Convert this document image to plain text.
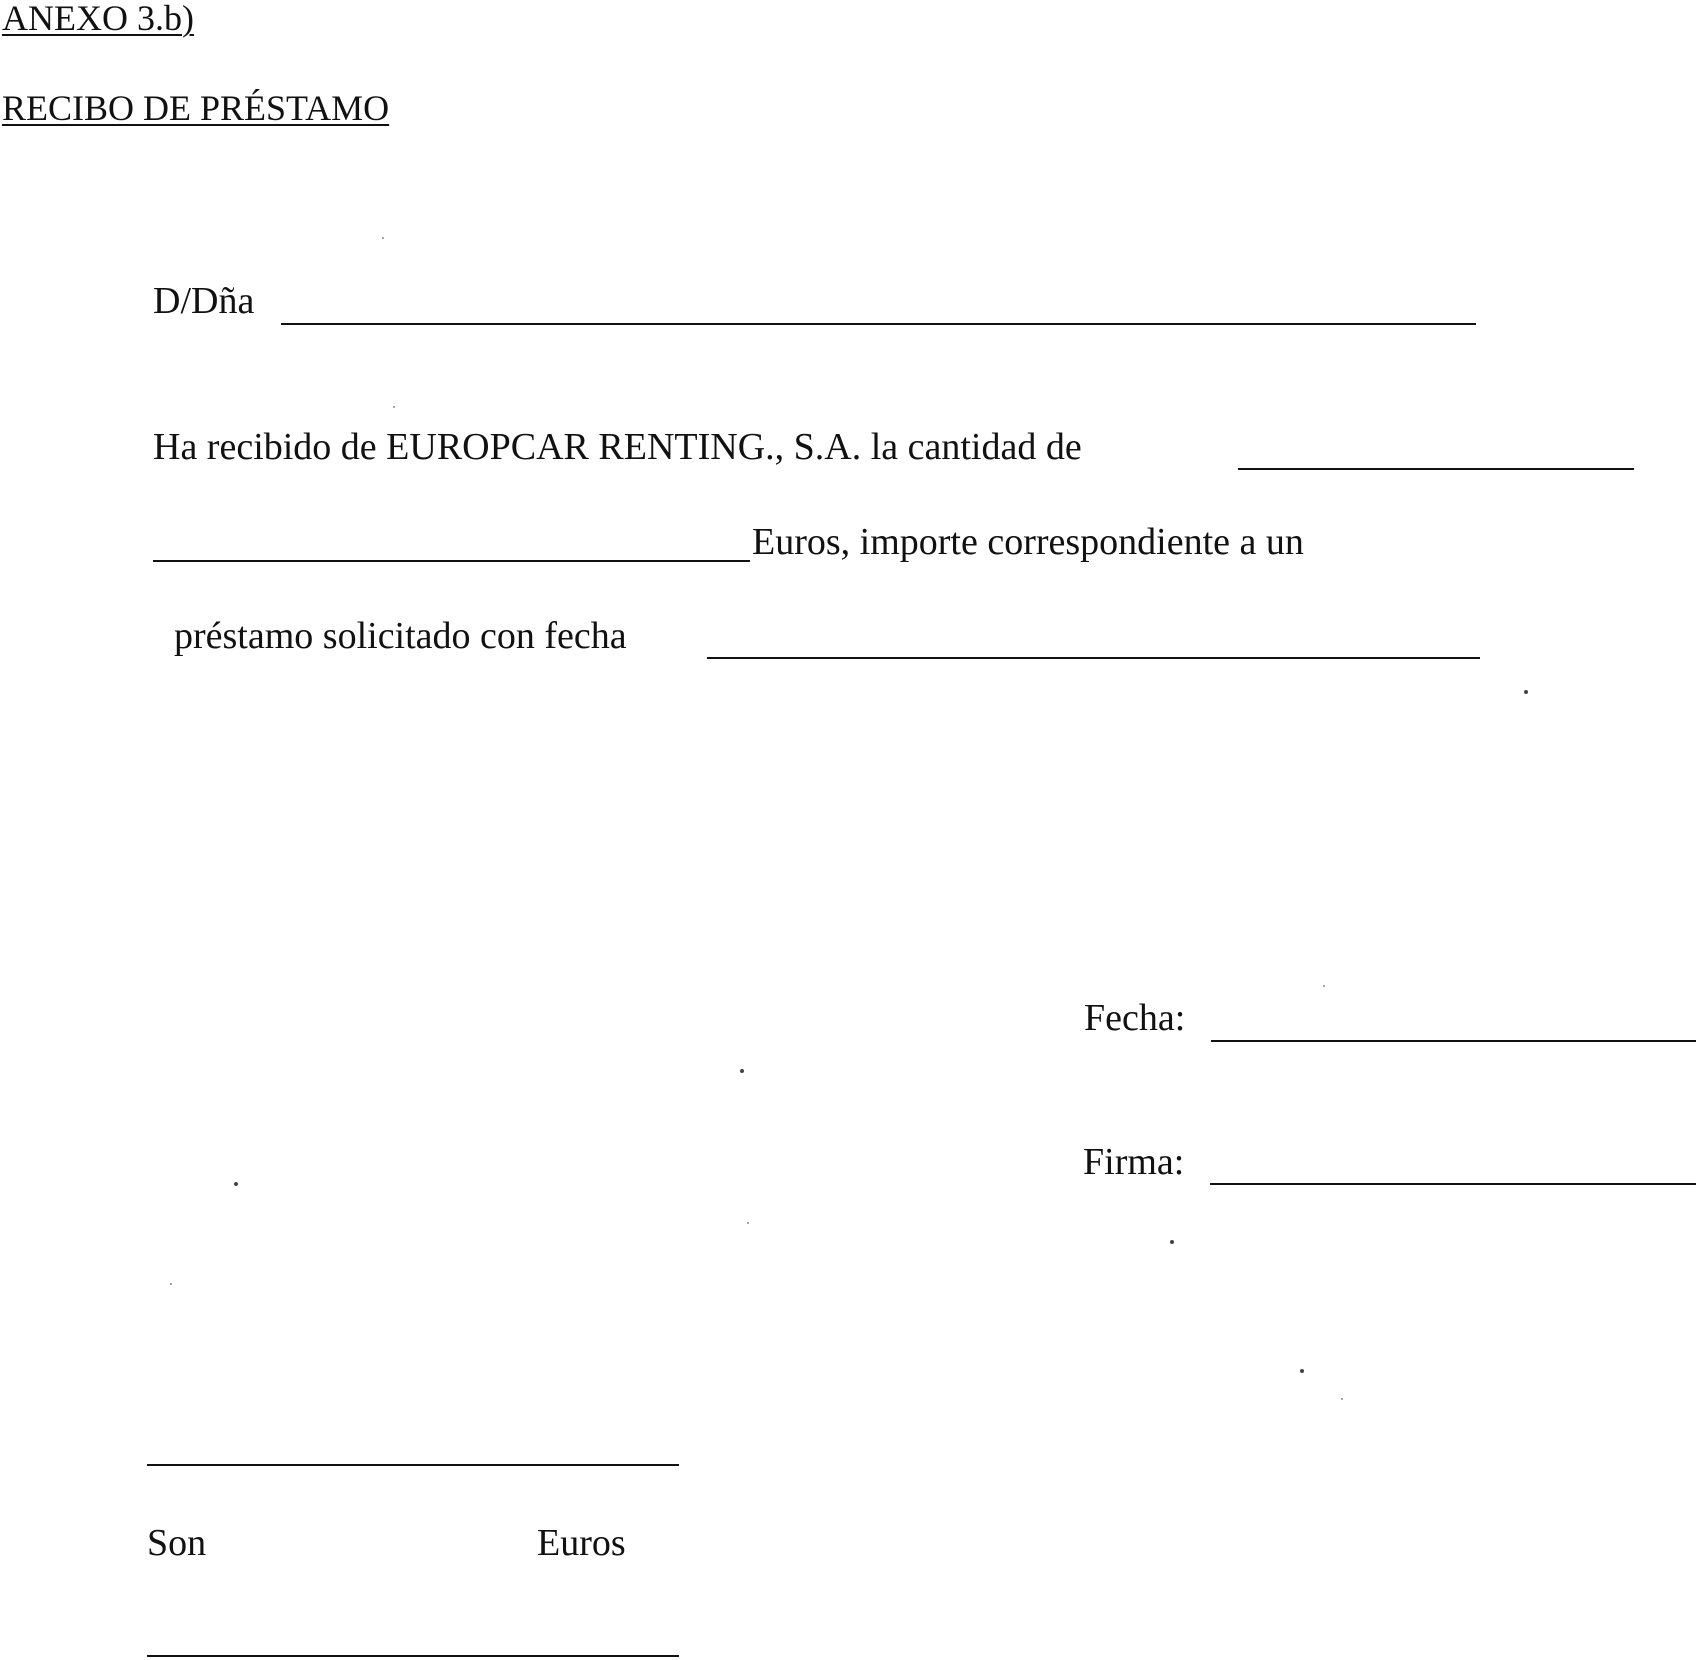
ANEXO 3.b)
RECIBO DE PRÉSTAMO
D/Dña
Ha recibido de EUROPCAR RENTING., S.A. la cantidad de
Euros, importe correspondiente a un
préstamo solicitado con fecha
Fecha:
Firma:
Son	Euros
